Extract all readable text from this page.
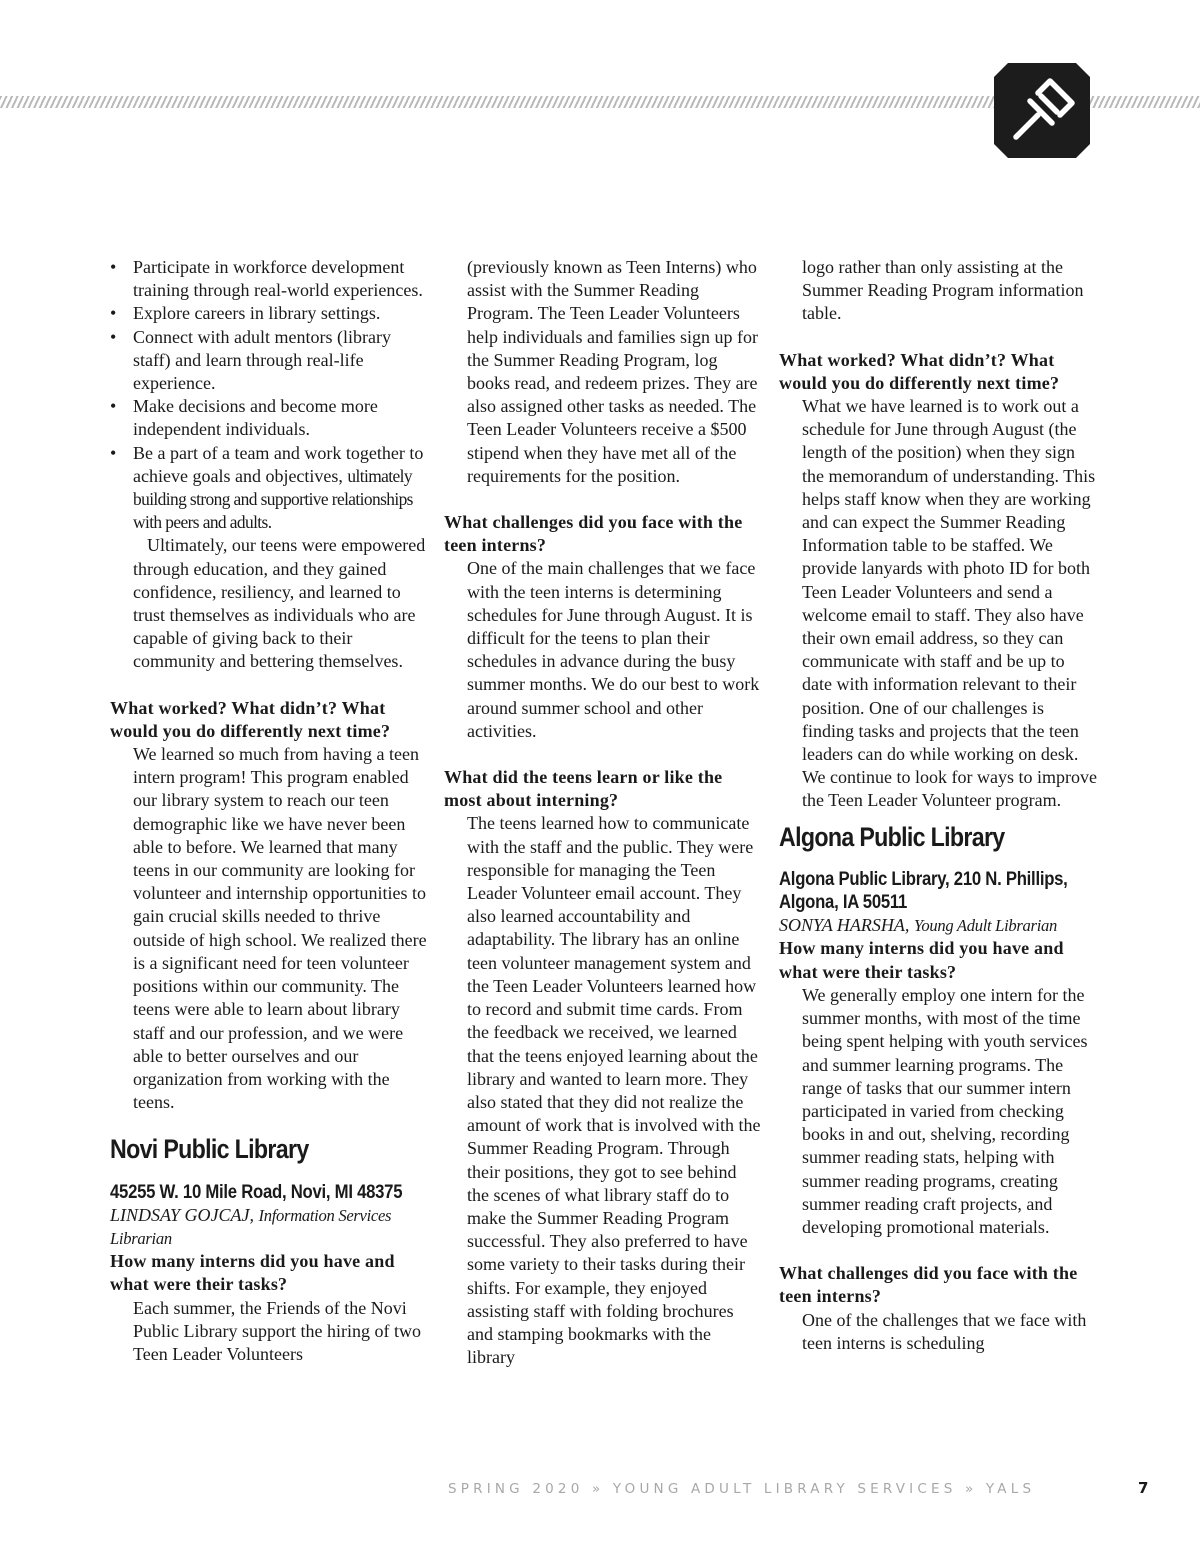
• Participate in workforce development training through real-world experiences.
• Explore careers in library settings.
• Connect with adult mentors (library staff) and learn through real-life experience.
• Make decisions and become more independent individuals.
• Be a part of a team and work together to achieve goals and objectives, ultimately building strong and supportive relationships with peers and adults.

Ultimately, our teens were empowered through education, and they gained confidence, resiliency, and learned to trust themselves as individuals who are capable of giving back to their community and bettering themselves.

What worked? What didn’t? What would you do differently next time?

We learned so much from having a teen intern program! This program enabled our library system to reach our teen demographic like we have never been able to before. We learned that many teens in our community are looking for volunteer and internship opportunities to gain crucial skills needed to thrive outside of high school. We realized there is a significant need for teen volunteer positions within our community. The teens were able to learn about library staff and our profession, and we were able to better ourselves and our organization from working with the teens.

Novi Public Library
45255 W. 10 Mile Road, Novi, MI 48375

LINDSAY GOJCAJ, Information Services Librarian

How many interns did you have and what were their tasks?

Each summer, the Friends of the Novi Public Library support the hiring of two Teen Leader Volunteers

(previously known as Teen Interns) who assist with the Summer Reading Program. The Teen Leader Volunteers help individuals and families sign up for the Summer Reading Program, log books read, and redeem prizes. They are also assigned other tasks as needed. The Teen Leader Volunteers receive a $500 stipend when they have met all of the requirements for the position.

What challenges did you face with the teen interns?

One of the main challenges that we face with the teen interns is determining schedules for June through August. It is difficult for the teens to plan their schedules in advance during the busy summer months. We do our best to work around summer school and other activities.

What did the teens learn or like the most about interning?

The teens learned how to communicate with the staff and the public. They were responsible for managing the Teen Leader Volunteer email account. They also learned accountability and adaptability. The library has an online teen volunteer management system and the Teen Leader Volunteers learned how to record and submit time cards. From the feedback we received, we learned that the teens enjoyed learning about the library and wanted to learn more. They also stated that they did not realize the amount of work that is involved with the Summer Reading Program. Through their positions, they got to see behind the scenes of what library staff do to make the Summer Reading Program successful. They also preferred to have some variety to their tasks during their shifts. For example, they enjoyed assisting staff with folding brochures and stamping bookmarks with the library

logo rather than only assisting at the Summer Reading Program information table.

What worked? What didn’t? What would you do differently next time?

What we have learned is to work out a schedule for June through August (the length of the position) when they sign the memorandum of understanding. This helps staff know when they are working and can expect the Summer Reading Information table to be staffed. We provide lanyards with photo ID for both Teen Leader Volunteers and send a welcome email to staff. They also have their own email address, so they can communicate with staff and be up to date with information relevant to their position. One of our challenges is finding tasks and projects that the teen leaders can do while working on desk. We continue to look for ways to improve the Teen Leader Volunteer program.

Algona Public Library
Algona Public Library, 210 N. Phillips, Algona, IA 50511

SONYA HARSHA, Young Adult Librarian

How many interns did you have and what were their tasks?

We generally employ one intern for the summer months, with most of the time being spent helping with youth services and summer learning programs. The range of tasks that our summer intern participated in varied from checking books in and out, shelving, recording summer reading stats, helping with summer reading programs, creating summer reading craft projects, and developing promotional materials.

What challenges did you face with the teen interns?

One of the challenges that we face with teen interns is scheduling

SPRING 2020 » YOUNG ADULT LIBRARY SERVICES » YALS	7
